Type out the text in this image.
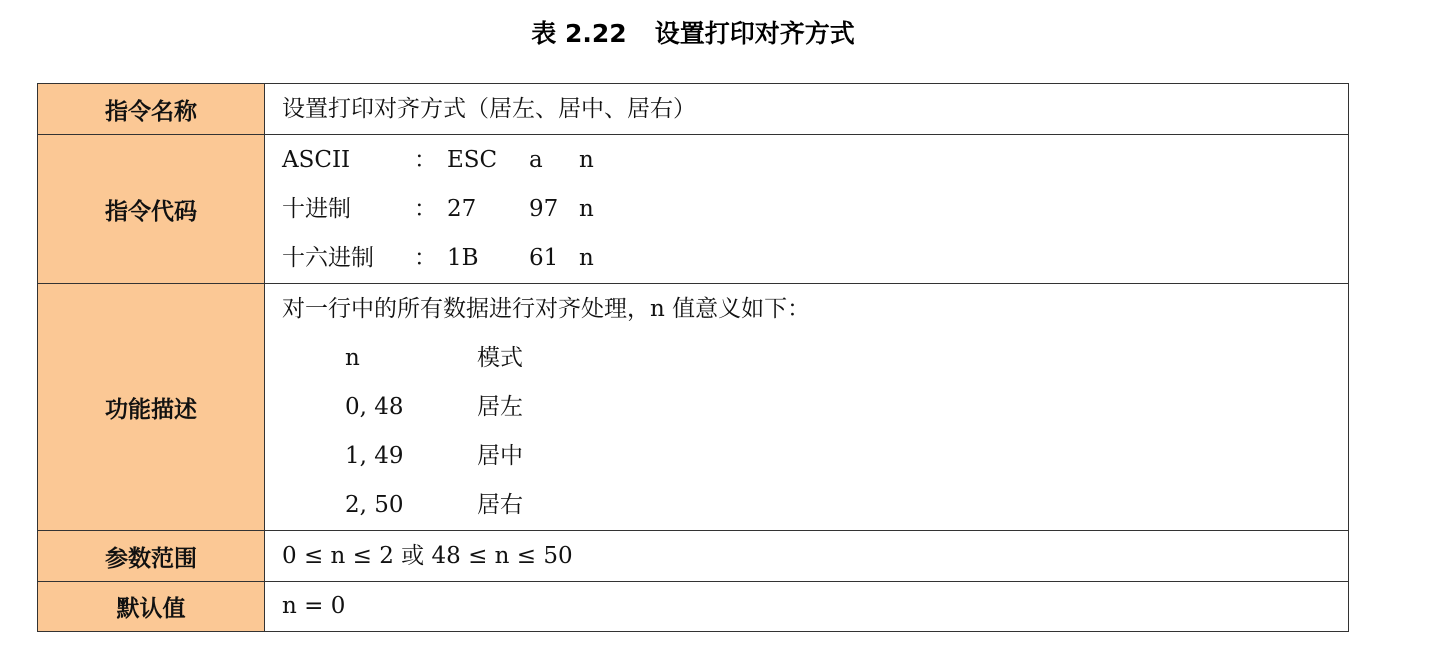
表 2.22 设置打印对齐方式
指令名称	设置打印对齐方式（居左、居中、居右）

指令代码	ASCII ： ESC a n
十进制 ： 27 97 n
十六进制 ： 1B 61 n

功能描述	对一行中的所有数据进行对齐处理，n 值意义如下：
n 模式
0, 48 居左
1, 49 居中
2, 50 居右

参数范围	0 ≤ n ≤ 2 或 48 ≤ n ≤ 50

默认值	n = 0
